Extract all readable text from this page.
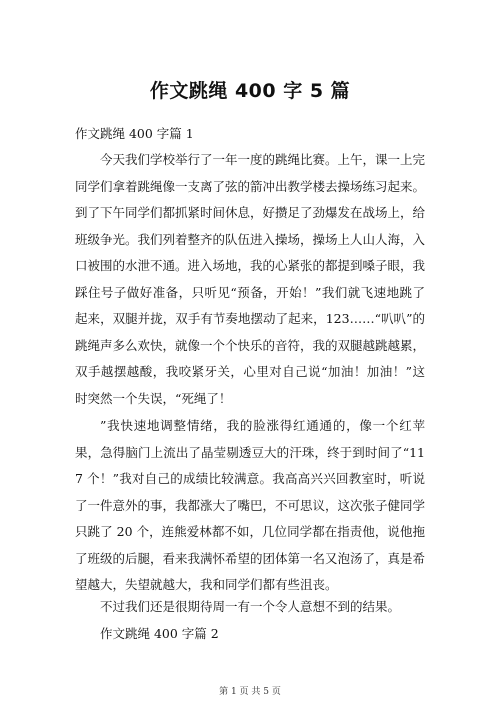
作文跳绳 400 字 5 篇
作文跳绳 400 字篇 1

今天我们学校举行了一年一度的跳绳比赛。上午，课一上完同学们拿着跳绳像一支离了弦的箭冲出教学楼去操场练习起来。到了下午同学们都抓紧时间休息，好攒足了劲爆发在战场上，给班级争光。我们列着整齐的队伍进入操场，操场上人山人海，入口被围的水泄不通。进入场地，我的心紧张的都提到嗓子眼，我踩住号子做好准备，只听见“预备，开始！”我们就飞速地跳了起来，双腿并拢，双手有节奏地摆动了起来，123……“叭叭”的跳绳声多么欢快，就像一个个快乐的音符，我的双腿越跳越累，双手越摆越酸，我咬紧牙关，心里对自己说“加油！加油！”这时突然一个失误，“死绳了！

”我快速地调整情绪，我的脸涨得红通通的，像一个红苹果，急得脑门上流出了晶莹剔透豆大的汗珠，终于到时间了“117 个！”我对自己的成绩比较满意。我高高兴兴回教室时，听说了一件意外的事，我都涨大了嘴巴，不可思议，这次张子健同学只跳了 20 个，连熊爱林都不如，几位同学都在指责他，说他拖了班级的后腿，看来我满怀希望的团体第一名又泡汤了，真是希望越大，失望就越大，我和同学们都有些沮丧。

不过我们还是很期待周一有一个令人意想不到的结果。

作文跳绳 400 字篇 2
第 1 页 共 5 页
